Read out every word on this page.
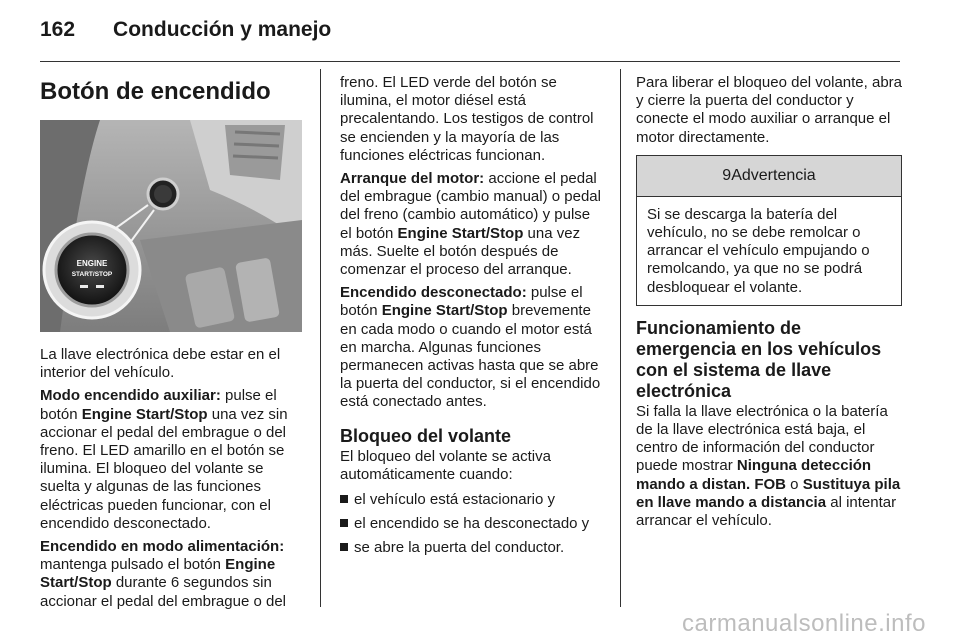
162 Conducción y manejo
Botón de encendido
ENGINE
START/STOP

La llave electrónica debe estar en el interior del vehículo.

Modo encendido auxiliar: pulse el botón Engine Start/Stop una vez sin accionar el pedal del embrague o del freno. El LED amarillo en el botón se ilumina. El bloqueo del volante se suelta y algunas de las funciones eléctricas pueden funcionar, con el encendido desconectado.

Encendido en modo alimentación: mantenga pulsado el botón Engine Start/Stop durante 6 segundos sin accionar el pedal del embrague o del

freno. El LED verde del botón se ilumina, el motor diésel está precalentando. Los testigos de control se encienden y la mayoría de las funciones eléctricas funcionan.

Arranque del motor: accione el pedal del embrague (cambio manual) o pedal del freno (cambio automático) y pulse el botón Engine Start/Stop una vez más. Suelte el botón después de comenzar el proceso del arranque.

Encendido desconectado: pulse el botón Engine Start/Stop brevemente en cada modo o cuando el motor está en marcha. Algunas funciones permanecen activas hasta que se abre la puerta del conductor, si el encendido está conectado antes.

Bloqueo del volante

El bloqueo del volante se activa automáticamente cuando:

el vehículo está estacionario y
el encendido se ha desconectado y
se abre la puerta del conductor.

Para liberar el bloqueo del volante, abra y cierre la puerta del conductor y conecte el modo auxiliar o arranque el motor directamente.

9 Advertencia
Si se descarga la batería del vehículo, no se debe remolcar o arrancar el vehículo empujando o remolcando, ya que no se podrá desbloquear el volante.
Funcionamiento de emergencia en los vehículos con el sistema de llave electrónica

Si falla la llave electrónica o la batería de la llave electrónica está baja, el centro de información del conductor puede mostrar Ninguna detección mando a distan. FOB o Sustituya pila en llave mando a distancia al intentar arrancar el vehículo.

carmanualsonline.info
